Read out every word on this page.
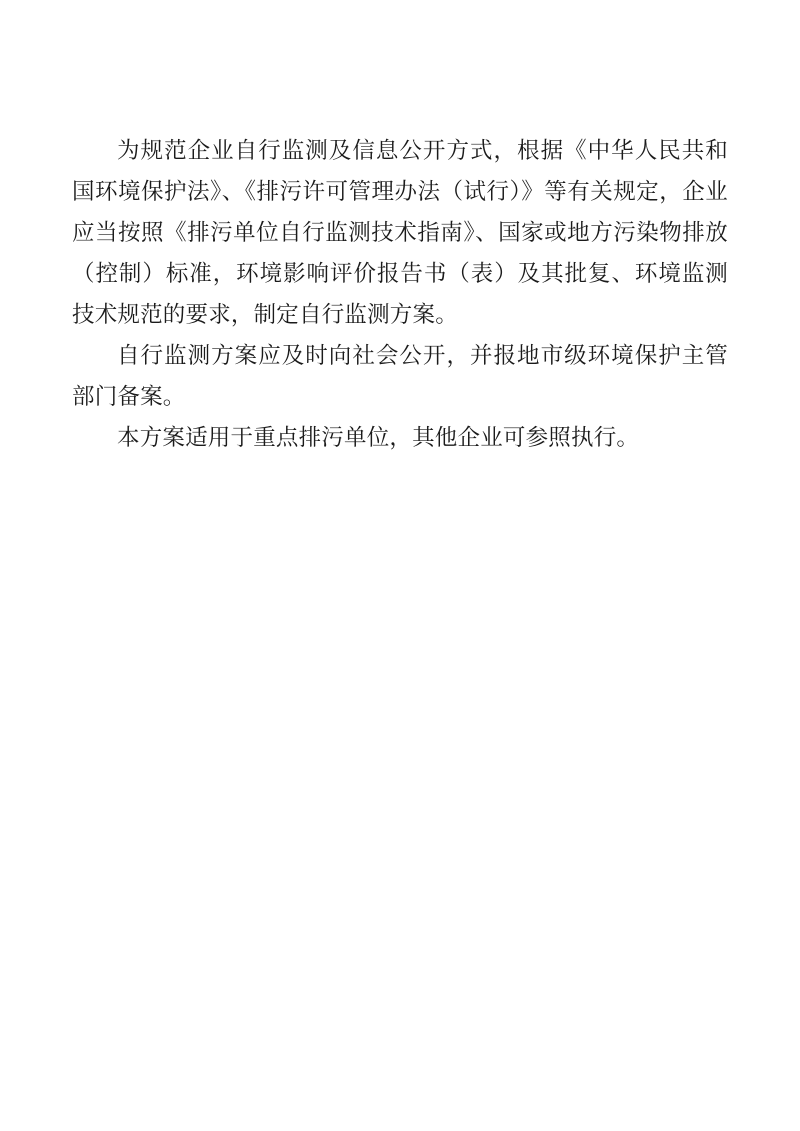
为规范企业自行监测及信息公开方式，根据《中华人民共和国环境保护法》、《排污许可管理办法（试行）》等有关规定，企业应当按照《排污单位自行监测技术指南》、国家或地方污染物排放（控制）标准，环境影响评价报告书（表）及其批复、环境监测技术规范的要求，制定自行监测方案。

自行监测方案应及时向社会公开，并报地市级环境保护主管部门备案。

本方案适用于重点排污单位，其他企业可参照执行。
